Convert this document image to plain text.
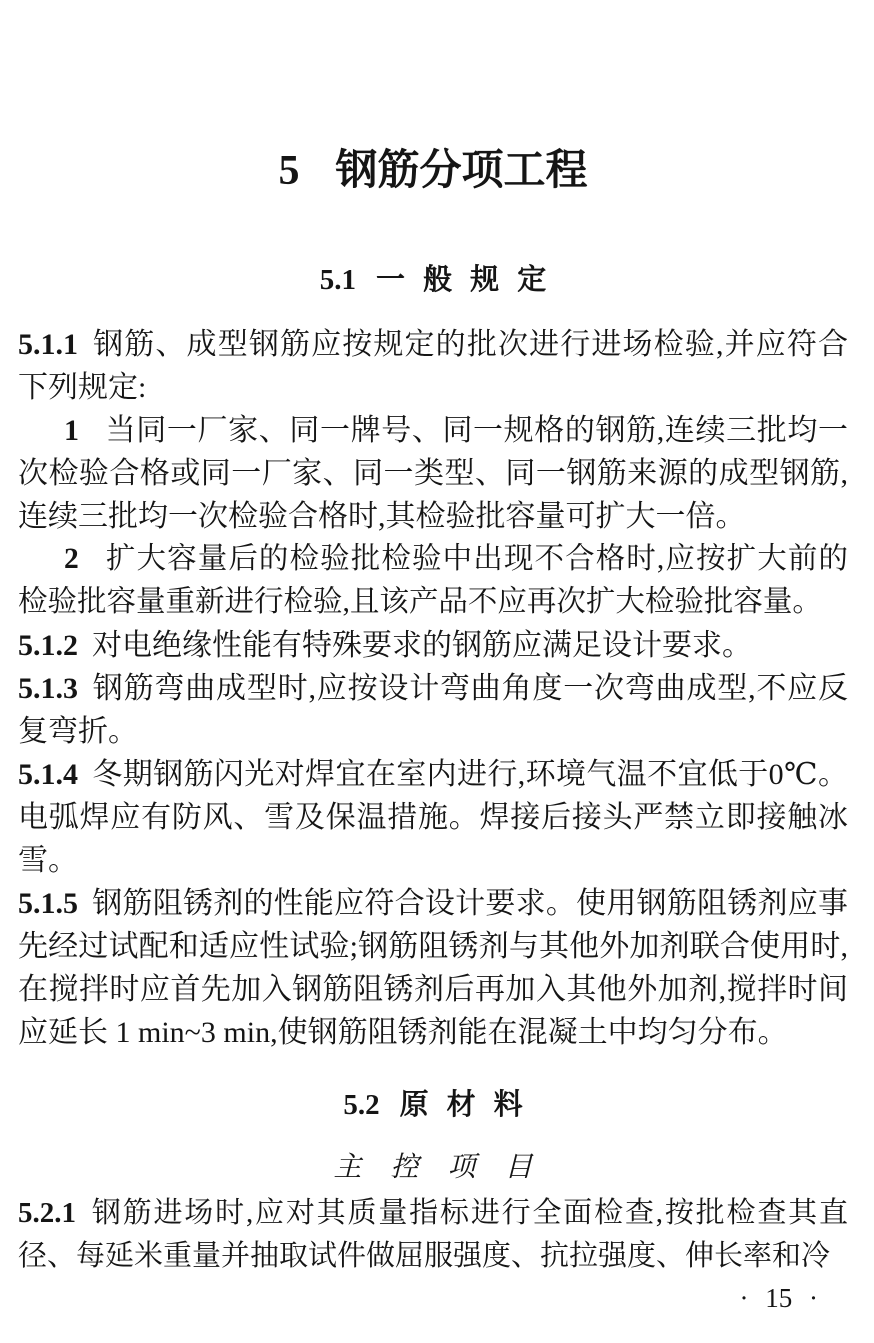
5 钢筋分项工程
5.1 一 般 规 定

5.1.1 钢筋、成型钢筋应按规定的批次进行进场检验,并应符合下列规定:

1 当同一厂家、同一牌号、同一规格的钢筋,连续三批均一次检验合格或同一厂家、同一类型、同一钢筋来源的成型钢筋,连续三批均一次检验合格时,其检验批容量可扩大一倍。

2 扩大容量后的检验批检验中出现不合格时,应按扩大前的检验批容量重新进行检验,且该产品不应再次扩大检验批容量。

5.1.2 对电绝缘性能有特殊要求的钢筋应满足设计要求。

5.1.3 钢筋弯曲成型时,应按设计弯曲角度一次弯曲成型,不应反复弯折。

5.1.4 冬期钢筋闪光对焊宜在室内进行,环境气温不宜低于0℃。电弧焊应有防风、雪及保温措施。焊接后接头严禁立即接触冰雪。

5.1.5 钢筋阻锈剂的性能应符合设计要求。使用钢筋阻锈剂应事先经过试配和适应性试验;钢筋阻锈剂与其他外加剂联合使用时,在搅拌时应首先加入钢筋阻锈剂后再加入其他外加剂,搅拌时间应延长 1 min~3 min,使钢筋阻锈剂能在混凝土中均匀分布。

5.2 原 材 料
主 控 项 目

5.2.1 钢筋进场时,应对其质量指标进行全面检查,按批检查其直径、每延米重量并抽取试件做屈服强度、抗拉强度、伸长率和冷

· 15 ·
